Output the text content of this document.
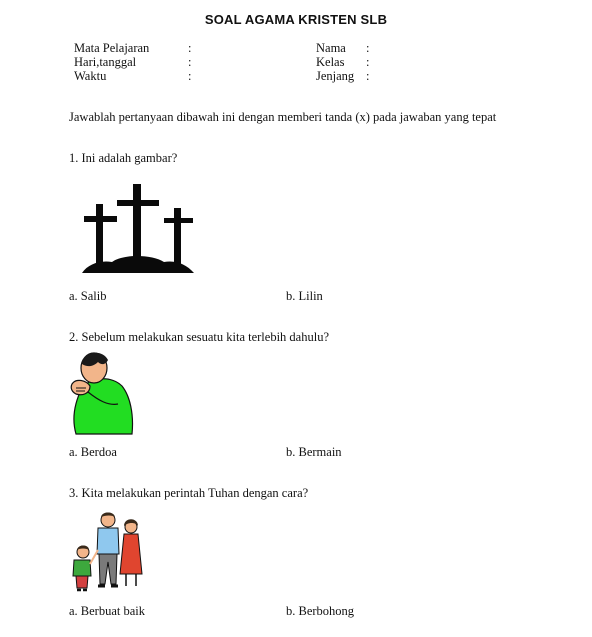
SOAL AGAMA KRISTEN SLB
Mata Pelajaran	:
Hari,tanggal	:
Waktu	:
Nama :
Kelas :
Jenjang :
Jawablah pertanyaan dibawah ini dengan memberi tanda (x) pada jawaban yang tepat
1. Ini adalah gambar?
a. Salib	b. Lilin
2. Sebelum melakukan sesuatu kita terlebih dahulu?
a. Berdoa	b. Bermain
3. Kita melakukan perintah Tuhan dengan cara?
a. Berbuat baik	b. Berbohong
